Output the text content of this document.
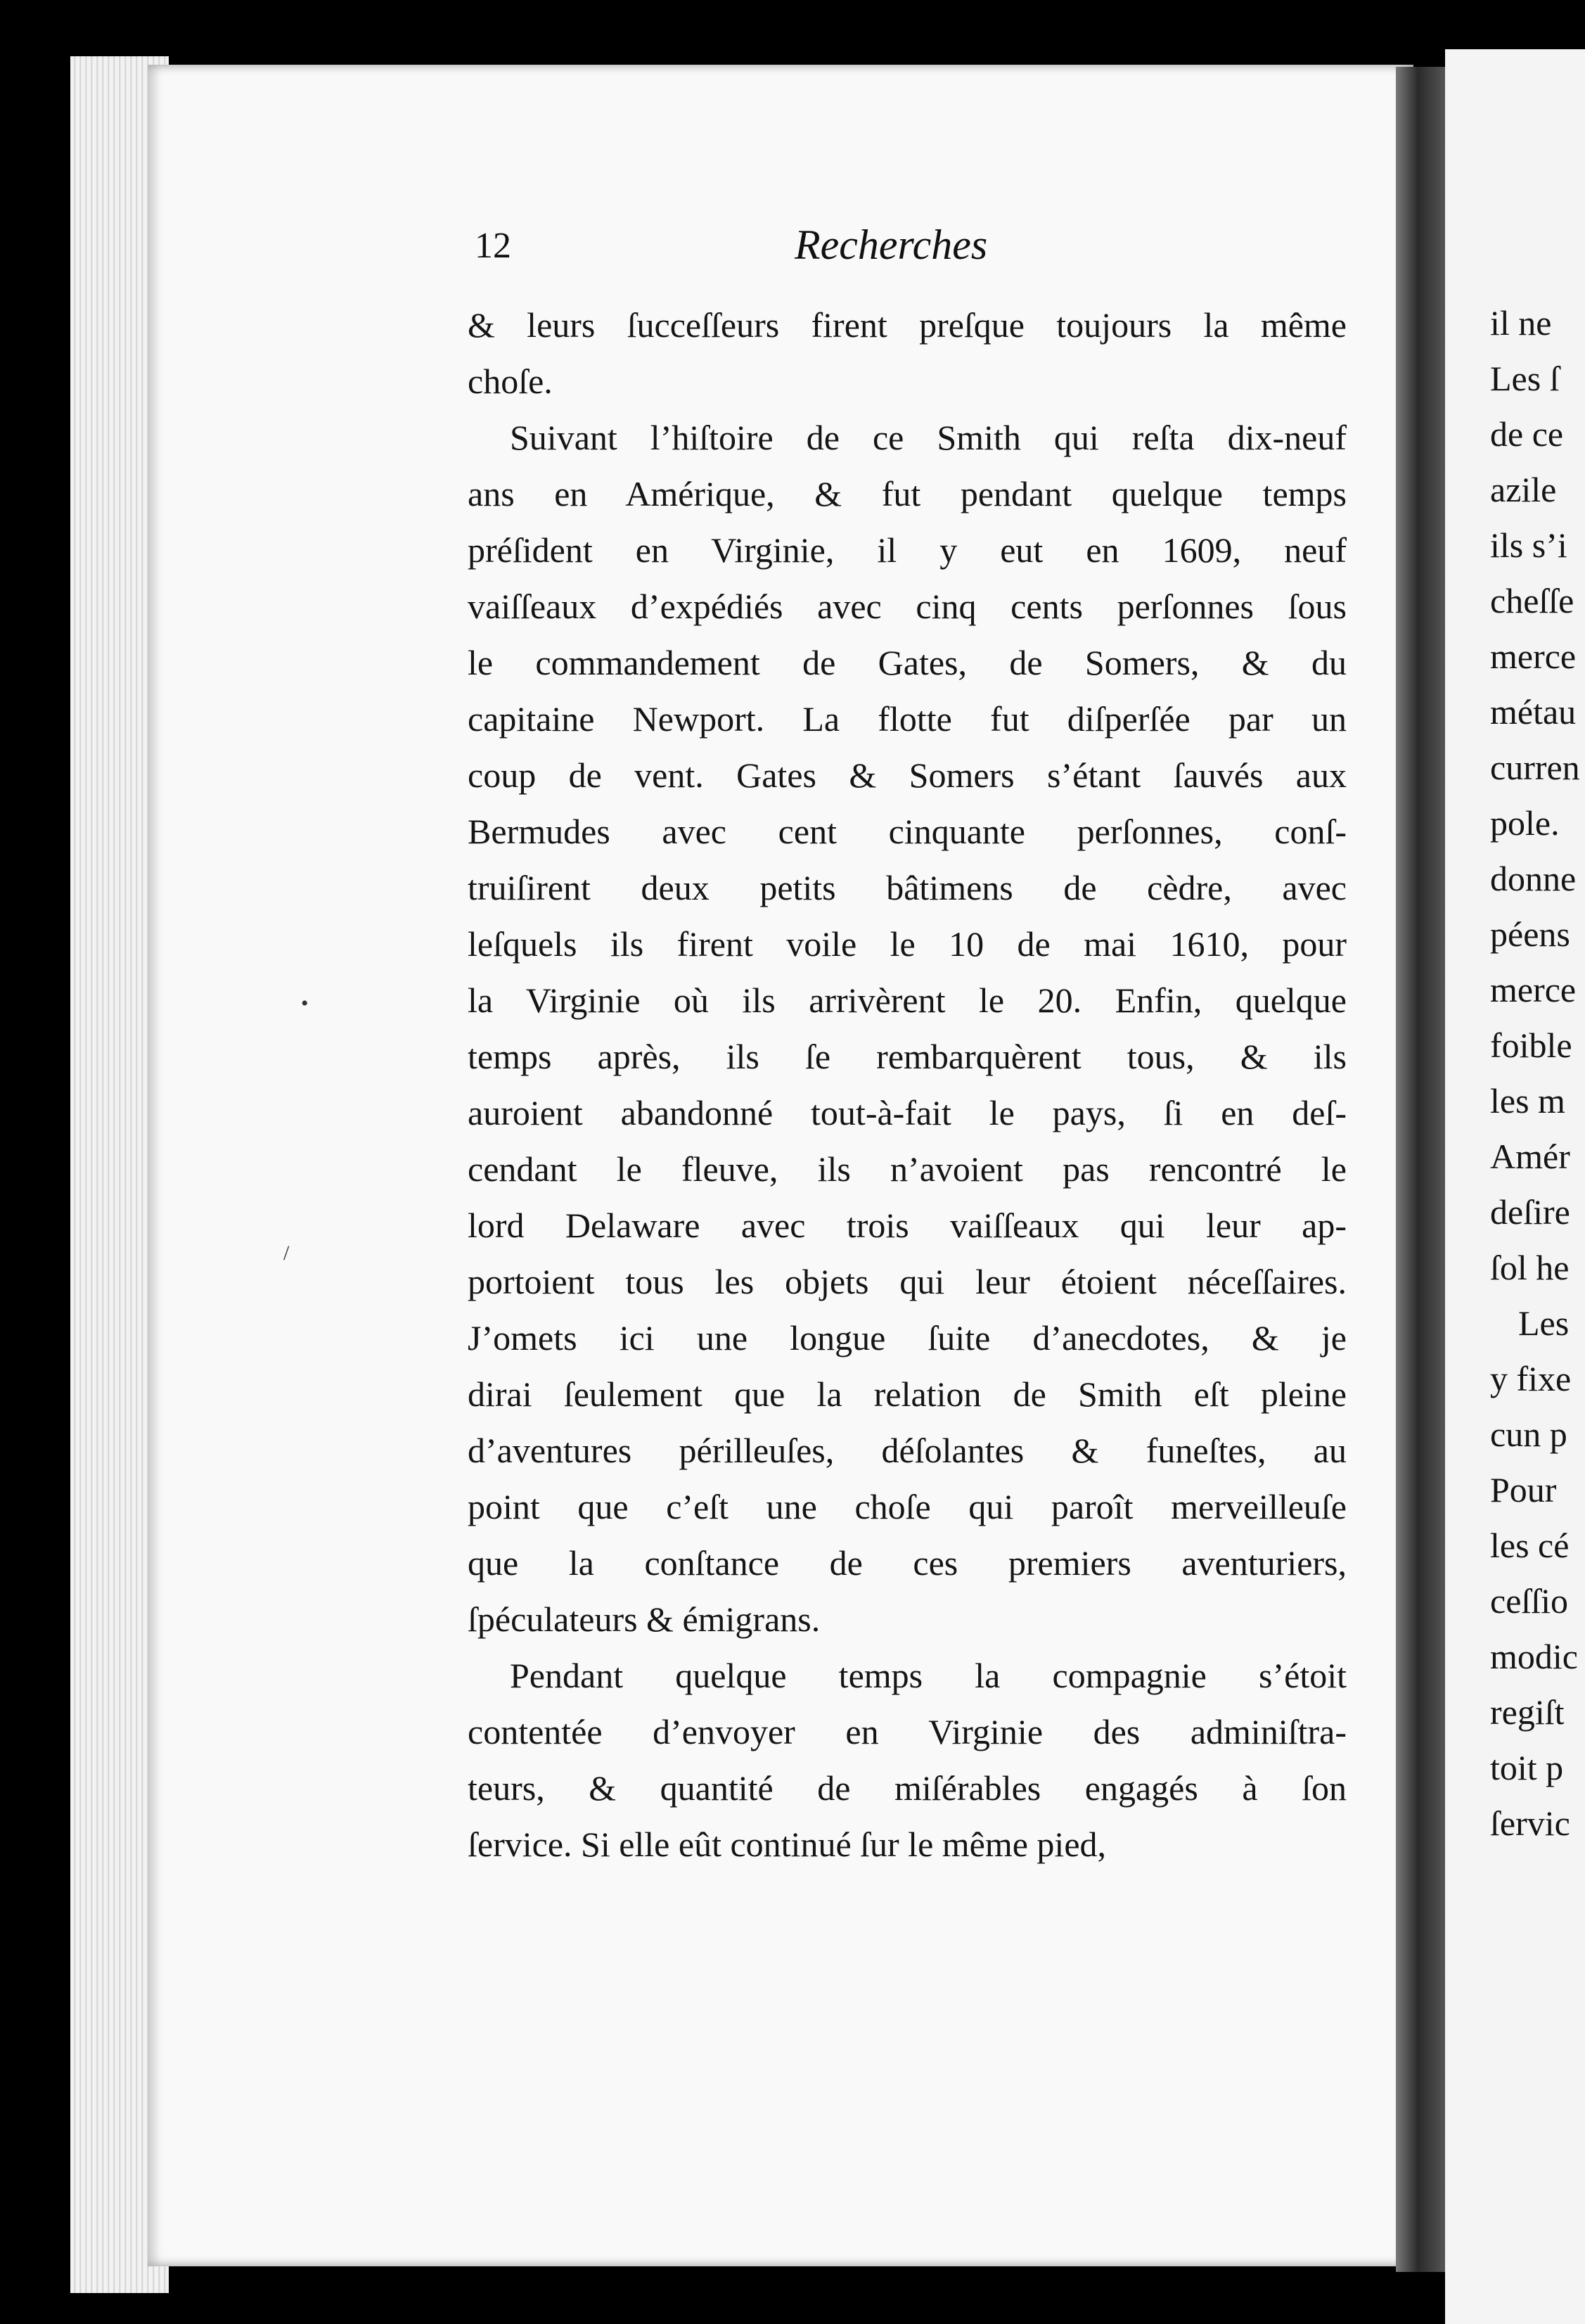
il ne
Les ſ
de ce
azile
ils s’i
cheſſe
merce
métau
curren
pole.
donne
péens
merce
foible
les m
Amér
deſire
ſol he
Les
y fixe
cun p
Pour
les cé
ceſſio
modic
regiſt
toit p
ſervic
12	Recherches
& leurs ſucceſſeurs firent preſque toujours la même
choſe.
Suivant l’hiſtoire de ce Smith qui reſta dix-neuf
ans en Amérique, & fut pendant quelque temps
préſident en Virginie, il y eut en 1609, neuf
vaiſſeaux d’expédiés avec cinq cents perſonnes ſous
le commandement de Gates, de Somers, & du
capitaine Newport. La flotte fut diſperſée par un
coup de vent. Gates & Somers s’étant ſauvés aux
Bermudes avec cent cinquante perſonnes, conſ-
truiſirent deux petits bâtimens de cèdre, avec
leſquels ils firent voile le 10 de mai 1610, pour
la Virginie où ils arrivèrent le 20. Enfin, quelque
temps après, ils ſe rembarquèrent tous, & ils
auroient abandonné tout-à-fait le pays, ſi en deſ-
cendant le fleuve, ils n’avoient pas rencontré le
lord Delaware avec trois vaiſſeaux qui leur ap-
portoient tous les objets qui leur étoient néceſſaires.
J’omets ici une longue ſuite d’anecdotes, & je
dirai ſeulement que la relation de Smith eſt pleine
d’aventures périlleuſes, déſolantes & funeſtes, au
point que c’eſt une choſe qui paroît merveilleuſe
que la conſtance de ces premiers aventuriers,
ſpéculateurs & émigrans.
Pendant quelque temps la compagnie s’étoit
contentée d’envoyer en Virginie des adminiſtra-
teurs, & quantité de miſérables engagés à ſon
ſervice. Si elle eût continué ſur le même pied,
•
/
